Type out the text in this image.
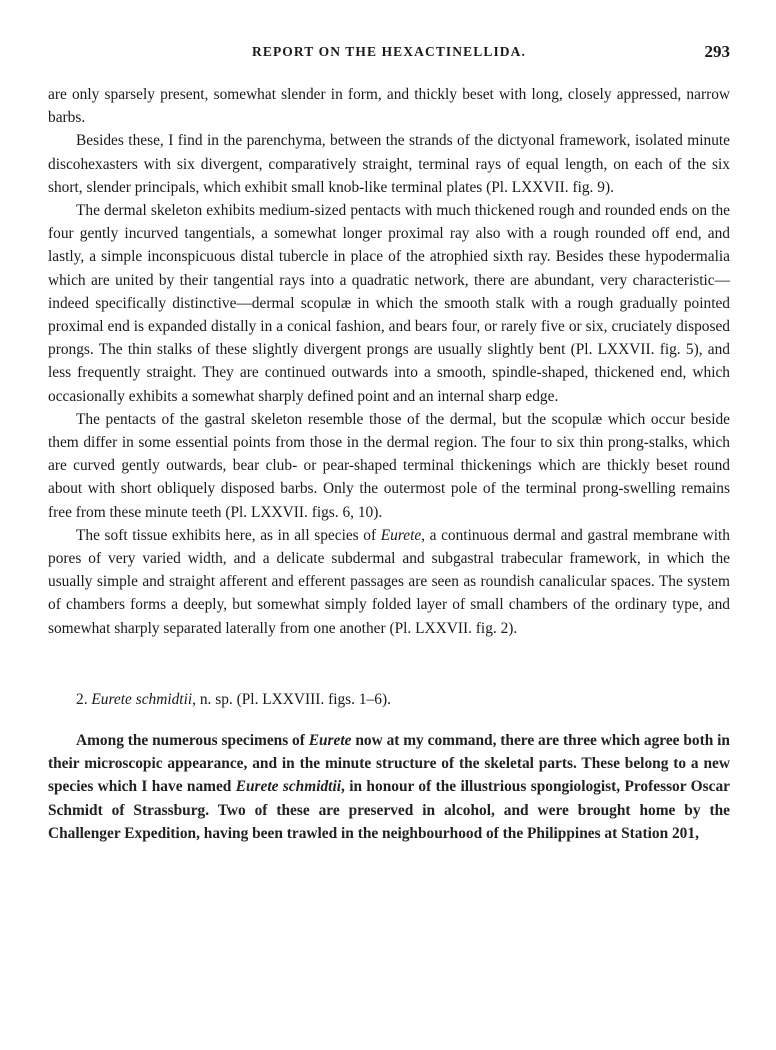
REPORT ON THE HEXACTINELLIDA.	293

are only sparsely present, somewhat slender in form, and thickly beset with long, closely appressed, narrow barbs.

Besides these, I find in the parenchyma, between the strands of the dictyonal framework, isolated minute discohexasters with six divergent, comparatively straight, terminal rays of equal length, on each of the six short, slender principals, which exhibit small knob-like terminal plates (Pl. LXXVII. fig. 9).

The dermal skeleton exhibits medium-sized pentacts with much thickened rough and rounded ends on the four gently incurved tangentials, a somewhat longer proximal ray also with a rough rounded off end, and lastly, a simple inconspicuous distal tubercle in place of the atrophied sixth ray. Besides these hypodermalia which are united by their tangential rays into a quadratic network, there are abundant, very characteristic—indeed specifically distinctive—dermal scopulæ in which the smooth stalk with a rough gradually pointed proximal end is expanded distally in a conical fashion, and bears four, or rarely five or six, cruciately disposed prongs. The thin stalks of these slightly divergent prongs are usually slightly bent (Pl. LXXVII. fig. 5), and less frequently straight. They are continued outwards into a smooth, spindle-shaped, thickened end, which occasionally exhibits a somewhat sharply defined point and an internal sharp edge.

The pentacts of the gastral skeleton resemble those of the dermal, but the scopulæ which occur beside them differ in some essential points from those in the dermal region. The four to six thin prong-stalks, which are curved gently outwards, bear club- or pear-shaped terminal thickenings which are thickly beset round about with short obliquely disposed barbs. Only the outermost pole of the terminal prong-swelling remains free from these minute teeth (Pl. LXXVII. figs. 6, 10).

The soft tissue exhibits here, as in all species of Eurete, a continuous dermal and gastral membrane with pores of very varied width, and a delicate subdermal and subgastral trabecular framework, in which the usually simple and straight afferent and efferent passages are seen as roundish canalicular spaces. The system of chambers forms a deeply, but somewhat simply folded layer of small chambers of the ordinary type, and somewhat sharply separated laterally from one another (Pl. LXXVII. fig. 2).

2. Eurete schmidtii, n. sp. (Pl. LXXVIII. figs. 1–6).

Among the numerous specimens of Eurete now at my command, there are three which agree both in their microscopic appearance, and in the minute structure of the skeletal parts. These belong to a new species which I have named Eurete schmidtii, in honour of the illustrious spongiologist, Professor Oscar Schmidt of Strassburg. Two of these are preserved in alcohol, and were brought home by the Challenger Expedition, having been trawled in the neighbourhood of the Philippines at Station 201,
